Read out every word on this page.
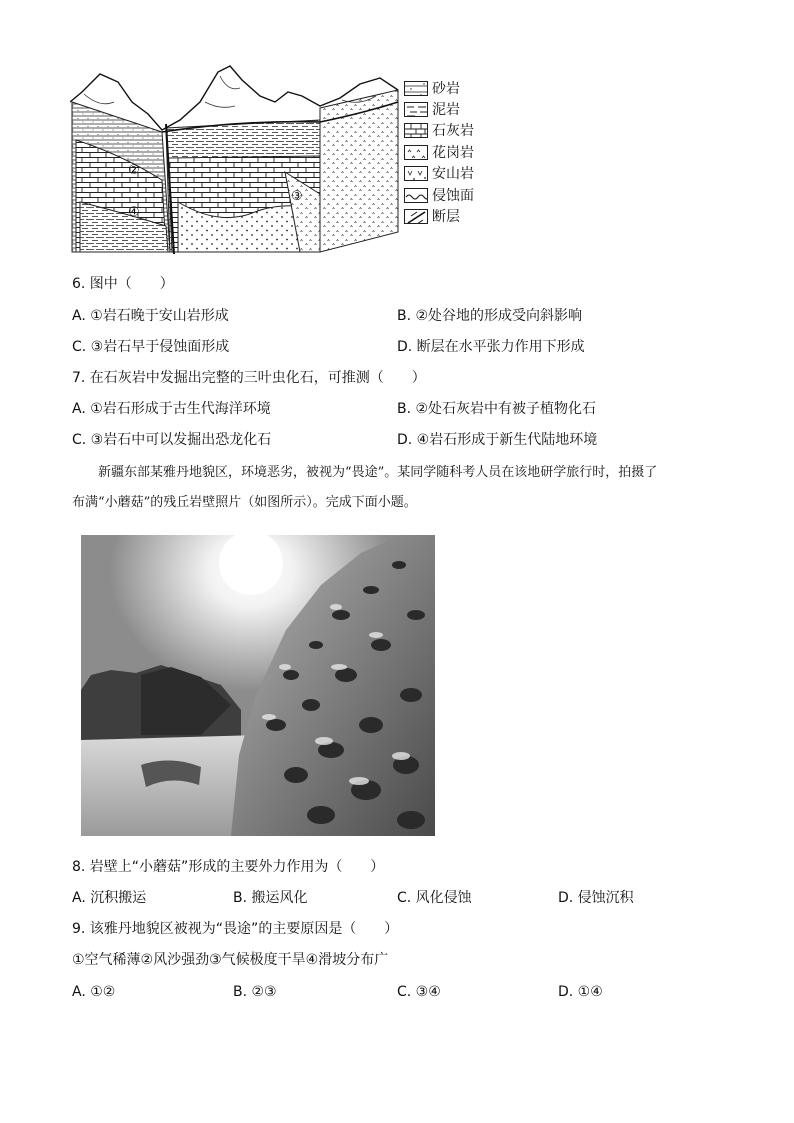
②
③
④
砂岩
泥岩
石灰岩
花岗岩
安山岩
侵蚀面
断层
6. 图中（　　）
A. ①岩石晚于安山岩形成	B. ②处谷地的形成受向斜影响
C. ③岩石早于侵蚀面形成	D. 断层在水平张力作用下形成
7. 在石灰岩中发掘出完整的三叶虫化石，可推测（　　）
A. ①岩石形成于古生代海洋环境	B. ②处石灰岩中有被子植物化石
C. ③岩石中可以发掘出恐龙化石	D. ④岩石形成于新生代陆地环境
新疆东部某雅丹地貌区，环境恶劣，被视为“畏途”。某同学随科考人员在该地研学旅行时，拍摄了
布满“小蘑菇”的残丘岩壁照片（如图所示）。完成下面小题。
8. 岩壁上“小蘑菇”形成的主要外力作用为（　　）
A. 沉积搬运	B. 搬运风化	C. 风化侵蚀	D. 侵蚀沉积
9. 该雅丹地貌区被视为“畏途”的主要原因是（　　）
①空气稀薄②风沙强劲③气候极度干旱④滑坡分布广
A. ①②	B. ②③	C. ③④	D. ①④
